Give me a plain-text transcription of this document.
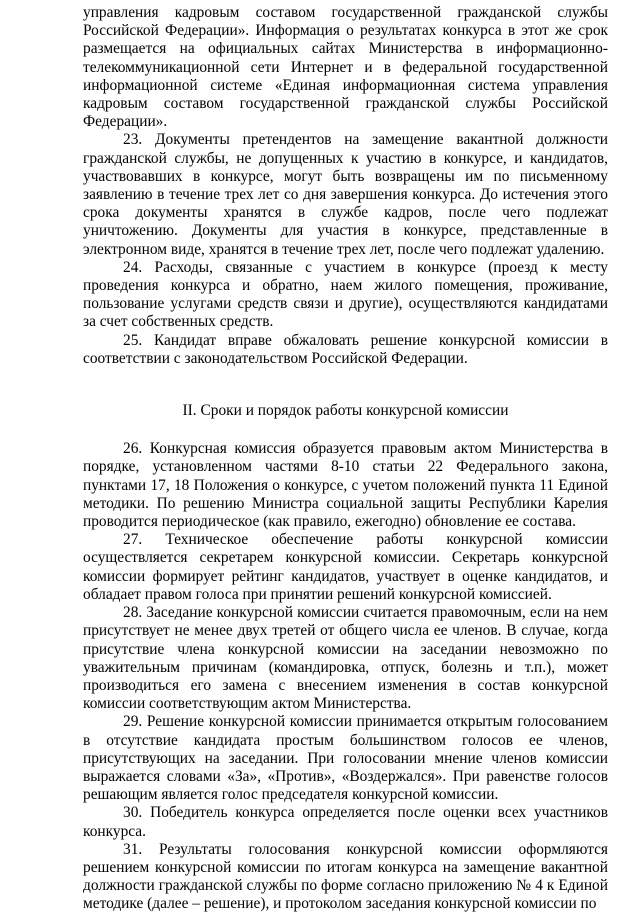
управления кадровым составом государственной гражданской службы Российской Федерации». Информация о результатах конкурса в этот же срок размещается на официальных сайтах Министерства в информационно-телекоммуникационной сети Интернет и в федеральной государственной информационной системе «Единая информационная система управления кадровым составом государственной гражданской службы Российской Федерации».

23. Документы претендентов на замещение вакантной должности гражданской службы, не допущенных к участию в конкурсе, и кандидатов, участвовавших в конкурсе, могут быть возвращены им по письменному заявлению в течение трех лет со дня завершения конкурса. До истечения этого срока документы хранятся в службе кадров, после чего подлежат уничтожению. Документы для участия в конкурсе, представленные в электронном виде, хранятся в течение трех лет, после чего подлежат удалению.

24. Расходы, связанные с участием в конкурсе (проезд к месту проведения конкурса и обратно, наем жилого помещения, проживание, пользование услугами средств связи и другие), осуществляются кандидатами за счет собственных средств.

25. Кандидат вправе обжаловать решение конкурсной комиссии в соответствии с законодательством Российской Федерации.

II. Сроки и порядок работы конкурсной комиссии

26. Конкурсная комиссия образуется правовым актом Министерства в порядке, установленном частями 8-10 статьи 22 Федерального закона, пунктами 17, 18 Положения о конкурсе, с учетом положений пункта 11 Единой методики. По решению Министра социальной защиты Республики Карелия проводится периодическое (как правило, ежегодно) обновление ее состава.

27. Техническое обеспечение работы конкурсной комиссии осуществляется секретарем конкурсной комиссии. Секретарь конкурсной комиссии формирует рейтинг кандидатов, участвует в оценке кандидатов, и обладает правом голоса при принятии решений конкурсной комиссией.

28. Заседание конкурсной комиссии считается правомочным, если на нем присутствует не менее двух третей от общего числа ее членов. В случае, когда присутствие члена конкурсной комиссии на заседании невозможно по уважительным причинам (командировка, отпуск, болезнь и т.п.), может производиться его замена с внесением изменения в состав конкурсной комиссии соответствующим актом Министерства.

29. Решение конкурсной комиссии принимается открытым голосованием в отсутствие кандидата простым большинством голосов ее членов, присутствующих на заседании. При голосовании мнение членов комиссии выражается словами «За», «Против», «Воздержался». При равенстве голосов решающим является голос председателя конкурсной комиссии.

30. Победитель конкурса определяется после оценки всех участников конкурса.

31. Результаты голосования конкурсной комиссии оформляются решением конкурсной комиссии по итогам конкурса на замещение вакантной должности гражданской службы по форме согласно приложению № 4 к Единой методике (далее – решение), и протоколом заседания конкурсной комиссии по
